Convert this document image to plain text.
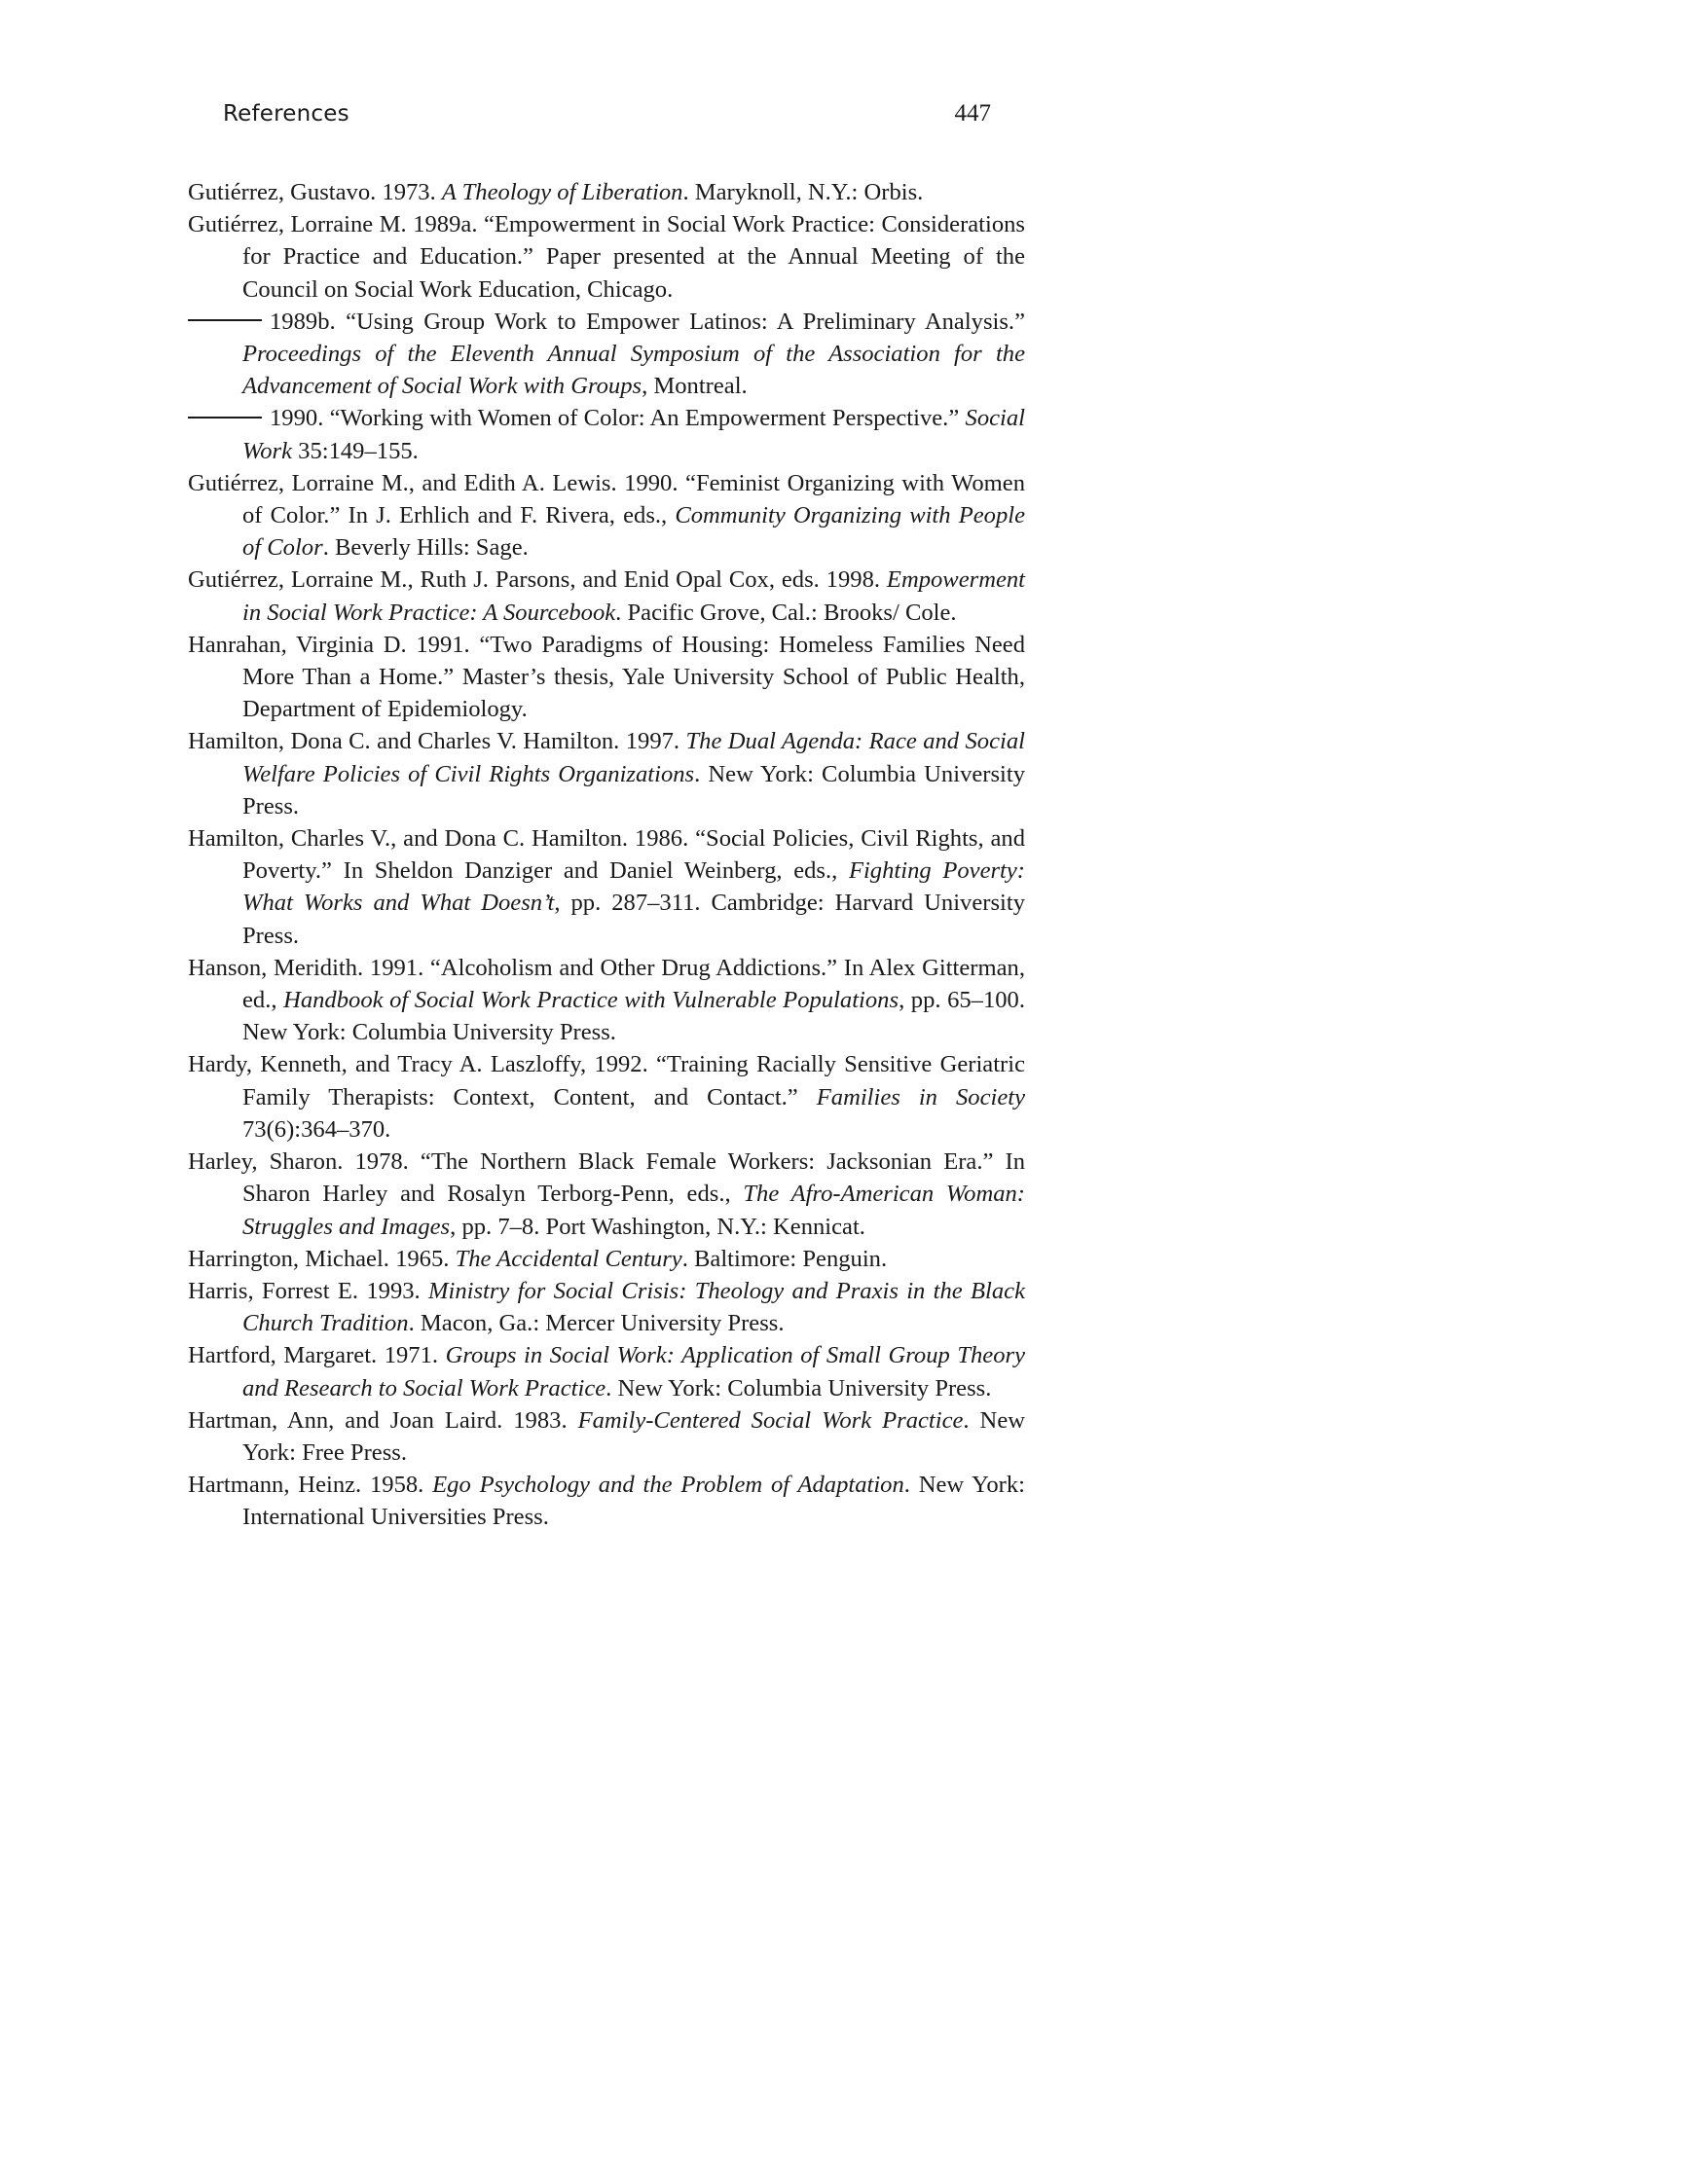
References	447

Gutiérrez, Gustavo. 1973. A Theology of Liberation. Maryknoll, N.Y.: Orbis.

Gutiérrez, Lorraine M. 1989a. “Empowerment in Social Work Practice: Considerations for Practice and Education.” Paper presented at the Annual Meeting of the Council on Social Work Education, Chicago.

1989b. “Using Group Work to Empower Latinos: A Preliminary Analysis.” Proceedings of the Eleventh Annual Symposium of the Association for the Advancement of Social Work with Groups, Montreal.

1990. “Working with Women of Color: An Empowerment Perspective.” Social Work 35:149–155.

Gutiérrez, Lorraine M., and Edith A. Lewis. 1990. “Feminist Organizing with Women of Color.” In J. Erhlich and F. Rivera, eds., Community Organizing with People of Color. Beverly Hills: Sage.

Gutiérrez, Lorraine M., Ruth J. Parsons, and Enid Opal Cox, eds. 1998. Empowerment in Social Work Practice: A Sourcebook. Pacific Grove, Cal.: Brooks/ Cole.

Hanrahan, Virginia D. 1991. “Two Paradigms of Housing: Homeless Families Need More Than a Home.” Master’s thesis, Yale University School of Public Health, Department of Epidemiology.

Hamilton, Dona C. and Charles V. Hamilton. 1997. The Dual Agenda: Race and Social Welfare Policies of Civil Rights Organizations. New York: Columbia University Press.

Hamilton, Charles V., and Dona C. Hamilton. 1986. “Social Policies, Civil Rights, and Poverty.” In Sheldon Danziger and Daniel Weinberg, eds., Fighting Poverty: What Works and What Doesn’t, pp. 287–311. Cambridge: Harvard University Press.

Hanson, Meridith. 1991. “Alcoholism and Other Drug Addictions.” In Alex Gitterman, ed., Handbook of Social Work Practice with Vulnerable Populations, pp. 65–100. New York: Columbia University Press.

Hardy, Kenneth, and Tracy A. Laszloffy, 1992. “Training Racially Sensitive Geriatric Family Therapists: Context, Content, and Contact.” Families in Society 73(6):364–370.

Harley, Sharon. 1978. “The Northern Black Female Workers: Jacksonian Era.” In Sharon Harley and Rosalyn Terborg-Penn, eds., The Afro-American Woman: Struggles and Images, pp. 7–8. Port Washington, N.Y.: Kennicat.

Harrington, Michael. 1965. The Accidental Century. Baltimore: Penguin.

Harris, Forrest E. 1993. Ministry for Social Crisis: Theology and Praxis in the Black Church Tradition. Macon, Ga.: Mercer University Press.

Hartford, Margaret. 1971. Groups in Social Work: Application of Small Group Theory and Research to Social Work Practice. New York: Columbia University Press.

Hartman, Ann, and Joan Laird. 1983. Family-Centered Social Work Practice. New York: Free Press.

Hartmann, Heinz. 1958. Ego Psychology and the Problem of Adaptation. New York: International Universities Press.
